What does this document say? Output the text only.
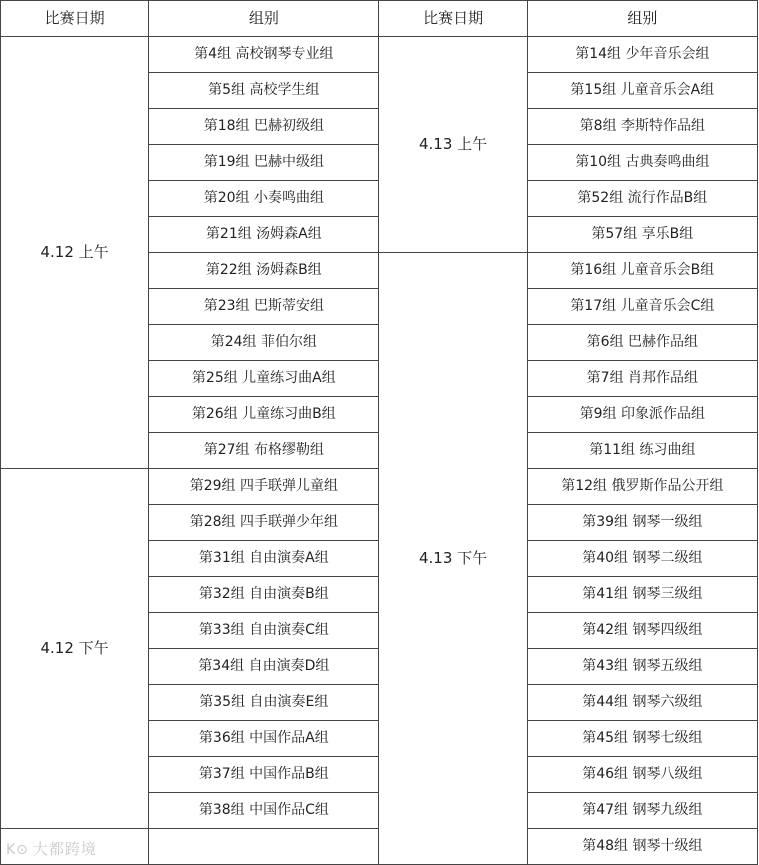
比赛日期	组别	比赛日期	组别
4.12 上午	第4组 高校钢琴专业组	4.13 上午	第14组 少年音乐会组
	第5组 高校学生组		第15组 儿童音乐会A组
	第18组 巴赫初级组		第8组 李斯特作品组
	第19组 巴赫中级组		第10组 古典奏鸣曲组
	第20组 小奏鸣曲组		第52组 流行作品B组
	第21组 汤姆森A组		第57组 享乐B组
	第22组 汤姆森B组	4.13 下午	第16组 儿童音乐会B组
	第23组 巴斯蒂安组		第17组 儿童音乐会C组
	第24组 菲伯尔组		第6组 巴赫作品组
	第25组 儿童练习曲A组		第7组 肖邦作品组
	第26组 儿童练习曲B组		第9组 印象派作品组
	第27组 布格缪勒组		第11组 练习曲组
4.12 下午	第29组 四手联弹儿童组		第12组 俄罗斯作品公开组
	第28组 四手联弹少年组		第39组 钢琴一级组
	第31组 自由演奏A组		第40组 钢琴二级组
	第32组 自由演奏B组		第41组 钢琴三级组
	第33组 自由演奏C组		第42组 钢琴四级组
	第34组 自由演奏D组		第43组 钢琴五级组
	第35组 自由演奏E组		第44组 钢琴六级组
	第36组 中国作品A组		第45组 钢琴七级组
	第37组 中国作品B组		第46组 钢琴八级组
	第38组 中国作品C组		第47组 钢琴九级组
			第48组 钢琴十级组
K⊙ 大都跨境
